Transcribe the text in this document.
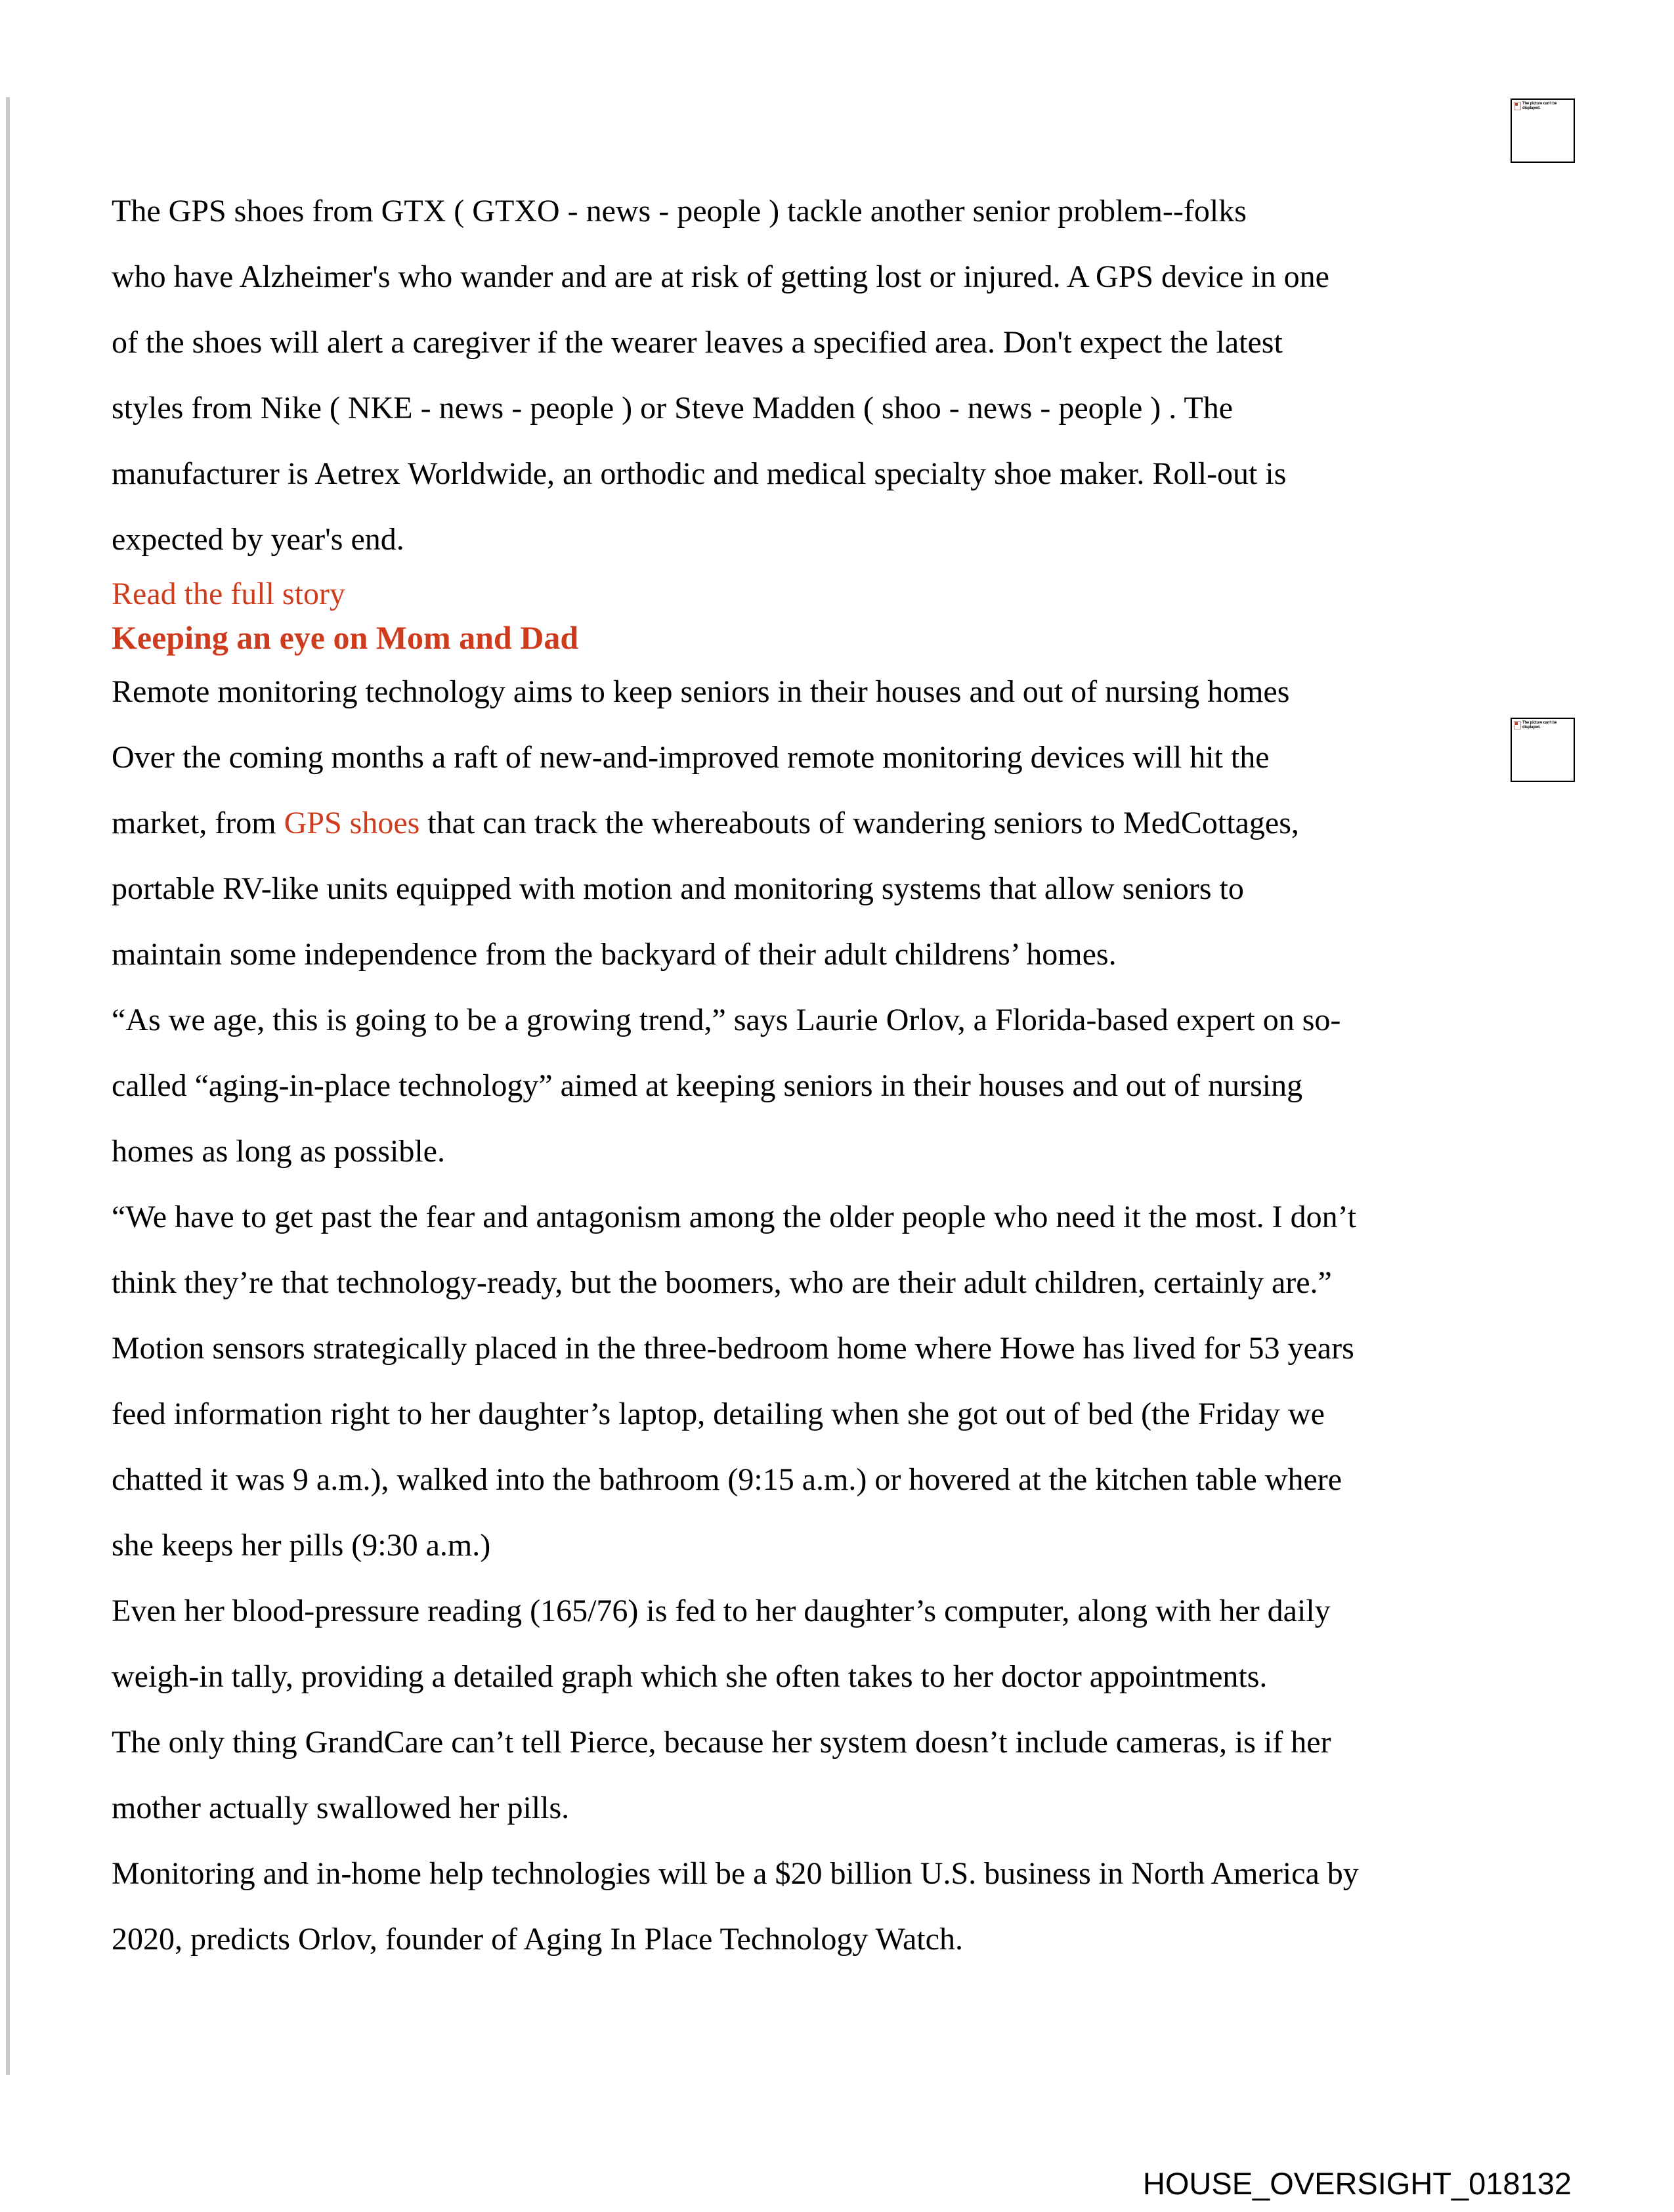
The picture can't be displayed.
The picture can't be displayed.
The GPS shoes from GTX ( GTXO - news - people ) tackle another senior problem--folks
who have Alzheimer's who wander and are at risk of getting lost or injured. A GPS device in one
of the shoes will alert a caregiver if the wearer leaves a specified area. Don't expect the latest
styles from Nike ( NKE - news - people ) or Steve Madden ( shoo - news - people ) . The
manufacturer is Aetrex Worldwide, an orthodic and medical specialty shoe maker. Roll-out is
expected by year's end.
Read the full story
Keeping an eye on Mom and Dad
Remote monitoring technology aims to keep seniors in their houses and out of nursing homes
Over the coming months a raft of new-and-improved remote monitoring devices will hit the
market, from GPS shoes that can track the whereabouts of wandering seniors to MedCottages,
portable RV-like units equipped with motion and monitoring systems that allow seniors to
maintain some independence from the backyard of their adult childrens’ homes.
“As we age, this is going to be a growing trend,” says Laurie Orlov, a Florida-based expert on so-
called “aging-in-place technology” aimed at keeping seniors in their houses and out of nursing
homes as long as possible.
“We have to get past the fear and antagonism among the older people who need it the most. I don’t
think they’re that technology-ready, but the boomers, who are their adult children, certainly are.”
Motion sensors strategically placed in the three-bedroom home where Howe has lived for 53 years
feed information right to her daughter’s laptop, detailing when she got out of bed (the Friday we
chatted it was 9 a.m.), walked into the bathroom (9:15 a.m.) or hovered at the kitchen table where
she keeps her pills (9:30 a.m.)
Even her blood-pressure reading (165/76) is fed to her daughter’s computer, along with her daily
weigh-in tally, providing a detailed graph which she often takes to her doctor appointments.
The only thing GrandCare can’t tell Pierce, because her system doesn’t include cameras, is if her
mother actually swallowed her pills.
Monitoring and in-home help technologies will be a $20 billion U.S. business in North America by
2020, predicts Orlov, founder of Aging In Place Technology Watch.
HOUSE_OVERSIGHT_018132
